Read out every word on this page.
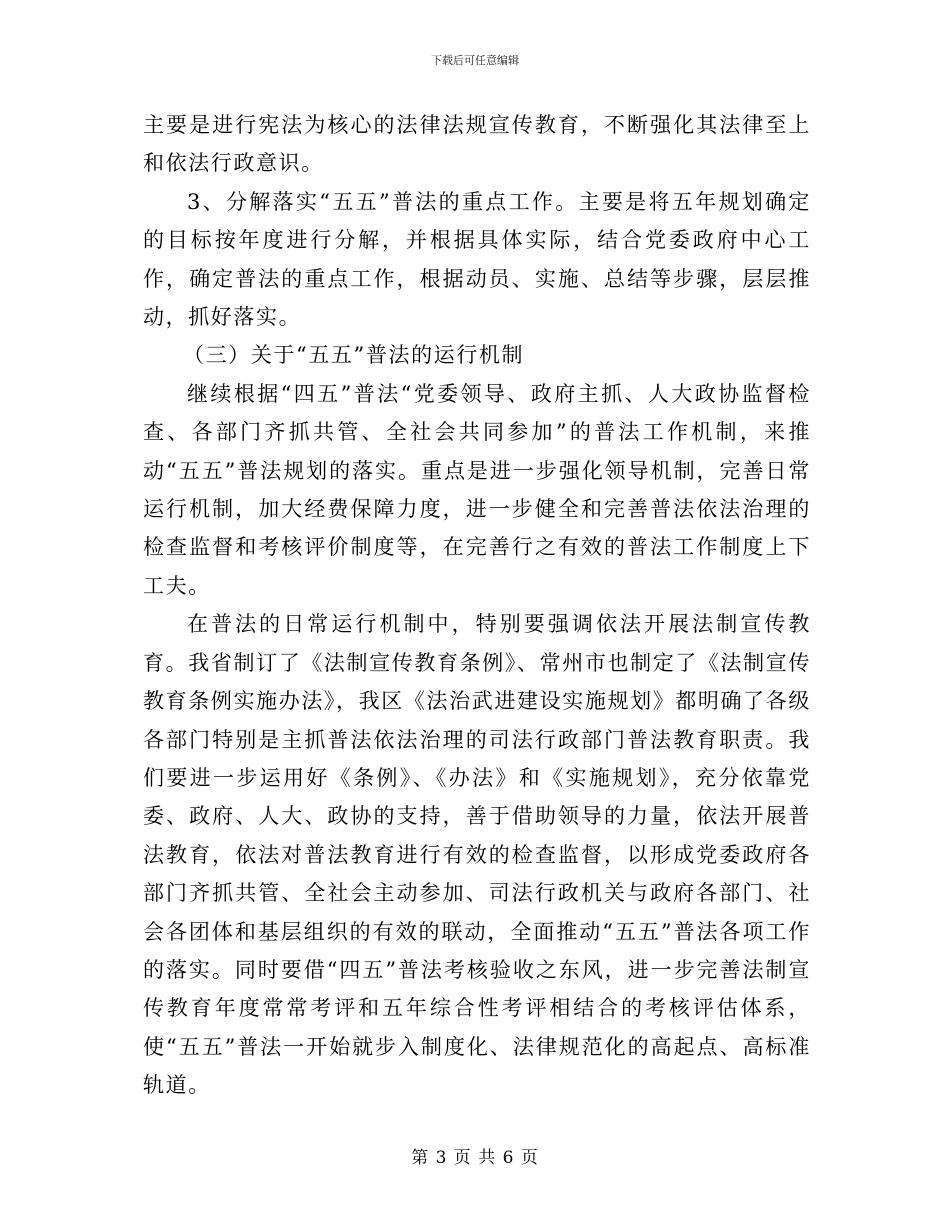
下载后可任意编辑

主要是进行宪法为核心的法律法规宣传教育，不断强化其法律至上和依法行政意识。

3、分解落实“五五”普法的重点工作。主要是将五年规划确定的目标按年度进行分解，并根据具体实际，结合党委政府中心工作，确定普法的重点工作，根据动员、实施、总结等步骤，层层推动，抓好落实。

（三）关于“五五”普法的运行机制

继续根据“四五”普法“党委领导、政府主抓、人大政协监督检查、各部门齐抓共管、全社会共同参加”的普法工作机制，来推动“五五”普法规划的落实。重点是进一步强化领导机制，完善日常运行机制，加大经费保障力度，进一步健全和完善普法依法治理的检查监督和考核评价制度等，在完善行之有效的普法工作制度上下工夫。

在普法的日常运行机制中，特别要强调依法开展法制宣传教育。我省制订了《法制宣传教育条例》、常州市也制定了《法制宣传教育条例实施办法》，我区《法治武进建设实施规划》都明确了各级各部门特别是主抓普法依法治理的司法行政部门普法教育职责。我们要进一步运用好《条例》、《办法》和《实施规划》，充分依靠党委、政府、人大、政协的支持，善于借助领导的力量，依法开展普法教育，依法对普法教育进行有效的检查监督，以形成党委政府各部门齐抓共管、全社会主动参加、司法行政机关与政府各部门、社会各团体和基层组织的有效的联动，全面推动“五五”普法各项工作的落实。同时要借“四五”普法考核验收之东风，进一步完善法制宣传教育年度常常考评和五年综合性考评相结合的考核评估体系，使“五五”普法一开始就步入制度化、法律规范化的高起点、高标准轨道。

第 3 页 共 6 页
